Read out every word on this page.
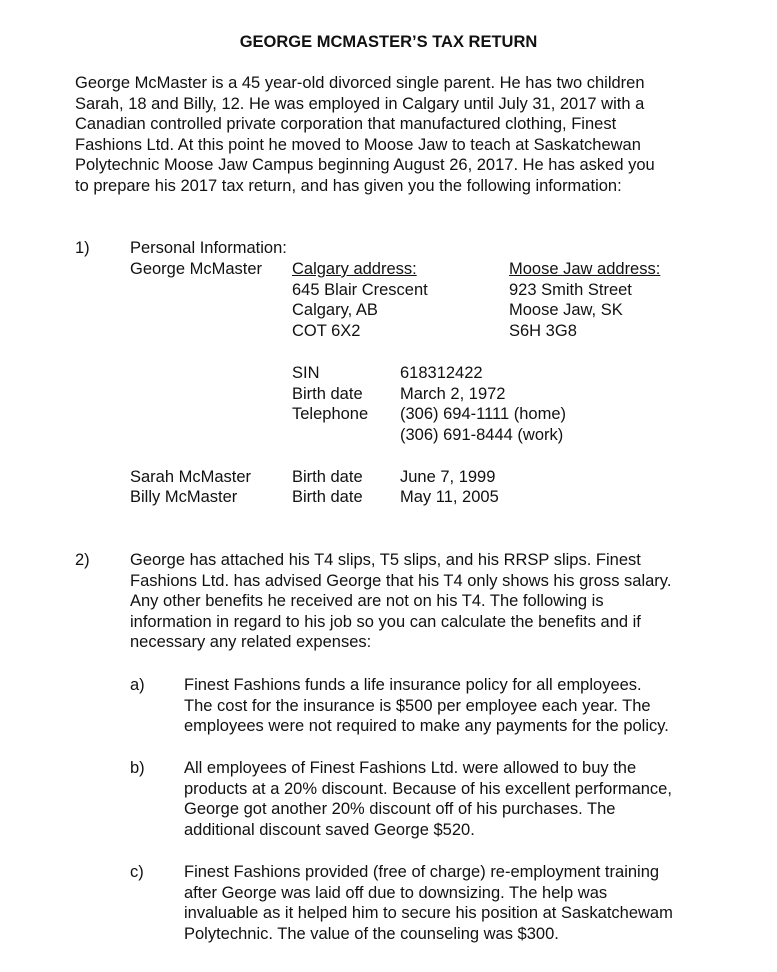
GEORGE MCMASTER’S TAX RETURN
George McMaster is a 45 year-old divorced single parent. He has two children
Sarah, 18 and Billy, 12. He was employed in Calgary until July 31, 2017 with a
Canadian controlled private corporation that manufactured clothing, Finest
Fashions Ltd. At this point he moved to Moose Jaw to teach at Saskatchewan
Polytechnic Moose Jaw Campus beginning August 26, 2017. He has asked you
to prepare his 2017 tax return, and has given you the following information:
1) Personal Information:
George McMaster Calgary address:
645 Blair Crescent
Calgary, AB
COT 6X2
Moose Jaw address:
923 Smith Street
Moose Jaw, SK
S6H 3G8
SIN	618312422
Birth date March 2, 1972
Telephone (306) 694-1111 (home)
(306) 691-8444 (work)
Sarah McMaster Birth date June 7, 1999
Billy McMaster	Birth date May 11, 2005
2) George has attached his T4 slips, T5 slips, and his RRSP slips. Finest
Fashions Ltd. has advised George that his T4 only shows his gross salary.
Any other benefits he received are not on his T4. The following is
information in regard to his job so you can calculate the benefits and if
necessary any related expenses:
a) Finest Fashions funds a life insurance policy for all employees.
The cost for the insurance is $500 per employee each year. The
employees were not required to make any payments for the policy.
b) All employees of Finest Fashions Ltd. were allowed to buy the
products at a 20% discount. Because of his excellent performance,
George got another 20% discount off of his purchases. The
additional discount saved George $520.
c) Finest Fashions provided (free of charge) re-employment training
after George was laid off due to downsizing. The help was
invaluable as it helped him to secure his position at Saskatchewam
Polytechnic. The value of the counseling was $300.
